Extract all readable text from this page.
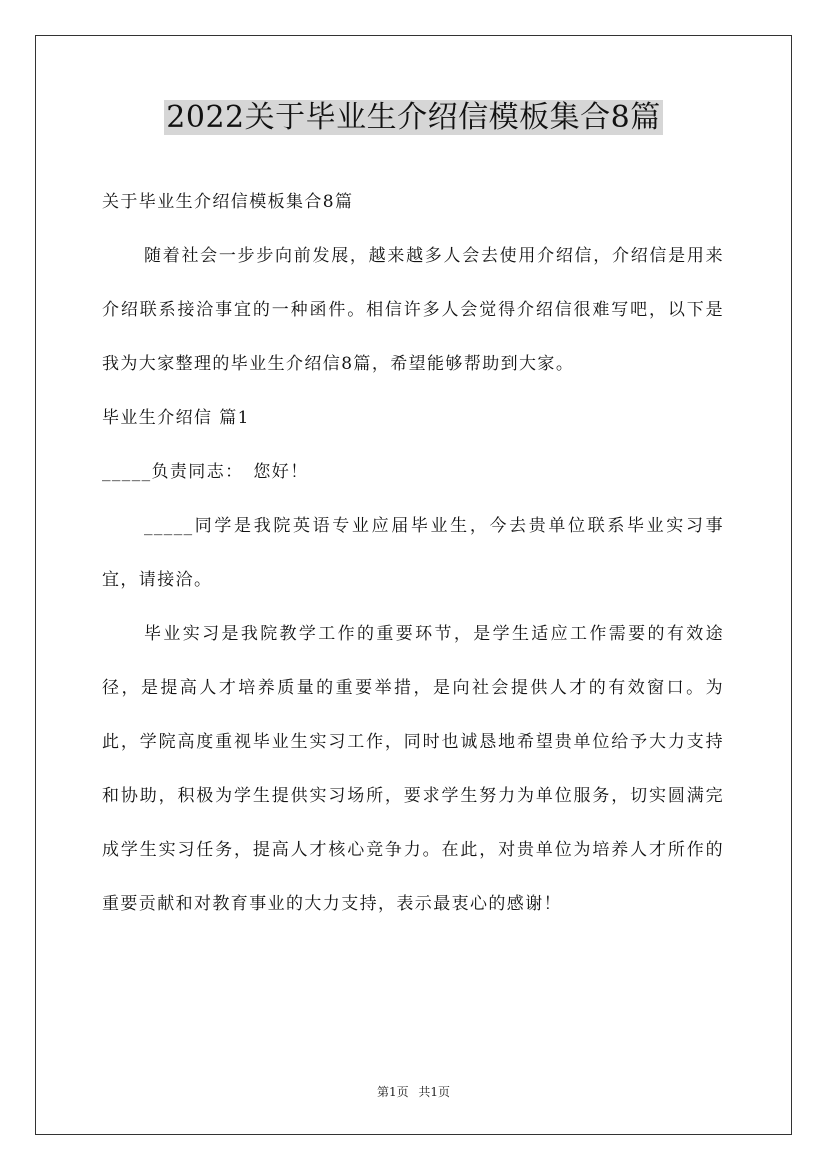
2022关于毕业生介绍信模板集合8篇

关于毕业生介绍信模板集合8篇

随着社会一步步向前发展，越来越多人会去使用介绍信，介绍信是用来介绍联系接洽事宜的一种函件。相信许多人会觉得介绍信很难写吧，以下是我为大家整理的毕业生介绍信8篇，希望能够帮助到大家。

毕业生介绍信 篇1

_____负责同志：　您好！

_____同学是我院英语专业应届毕业生，今去贵单位联系毕业实习事宜，请接洽。

毕业实习是我院教学工作的重要环节，是学生适应工作需要的有效途径，是提高人才培养质量的重要举措，是向社会提供人才的有效窗口。为此，学院高度重视毕业生实习工作，同时也诚恳地希望贵单位给予大力支持和协助，积极为学生提供实习场所，要求学生努力为单位服务，切实圆满完成学生实习任务，提高人才核心竞争力。在此，对贵单位为培养人才所作的重要贡献和对教育事业的大力支持，表示最衷心的感谢！

第1页 共1页
